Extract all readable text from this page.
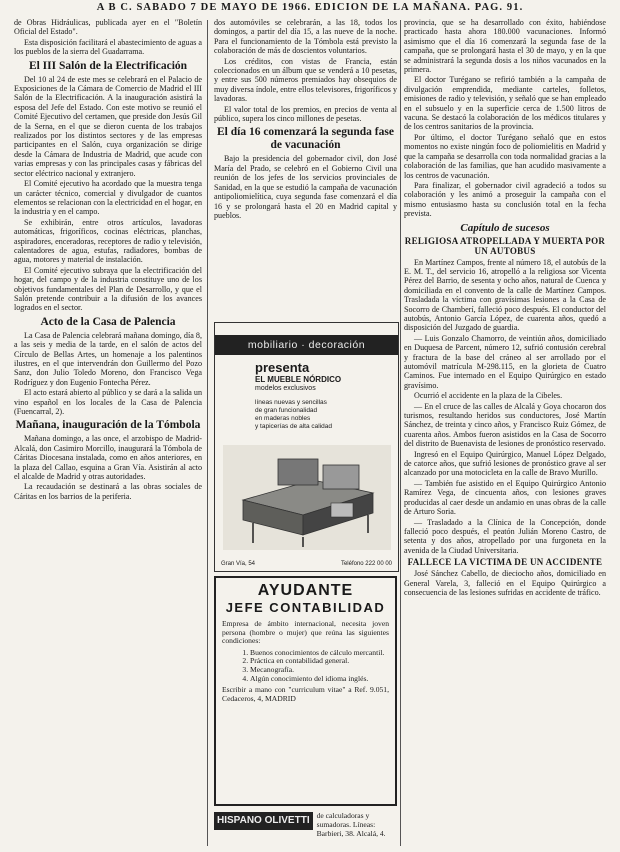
A B C. SABADO 7 DE MAYO DE 1966. EDICION DE LA MAÑANA. PAG. 91.

de Obras Hidráulicas, publicada ayer en el "Boletín Oficial del Estado".

Esta disposición facilitará el abastecimiento de aguas a los pueblos de la sierra del Guadarrama.

El III Salón de la Electrificación

Del 10 al 24 de este mes se celebrará en el Palacio de Exposiciones de la Cámara de Comercio de Madrid el III Salón de la Electrificación. A la inauguración asistirá la esposa del Jefe del Estado. Con este motivo se reunió el Comité Ejecutivo del certamen, que preside don Jesús Gil de la Serna, en el que se dieron cuenta de los trabajos realizados por los distintos sectores y de las empresas participantes en el Salón, cuya organización se dirige desde la Cámara de Industria de Madrid, que acude con varias empresas y con las principales casas y fábricas del sector eléctrico nacional y extranjero.

El Comité ejecutivo ha acordado que la muestra tenga un carácter técnico, comercial y divulgador de cuantos elementos se relacionan con la electricidad en el hogar, en la industria y en el campo.

Se exhibirán, entre otros artículos, lavadoras automáticas, frigoríficos, cocinas eléctricas, planchas, aspiradores, enceradoras, receptores de radio y televisión, calentadores de agua, estufas, radiadores, bombas de agua, motores y material de instalación.

El Comité ejecutivo subraya que la electrificación del hogar, del campo y de la industria constituye uno de los objetivos fundamentales del Plan de Desarrollo, y que el Salón pretende contribuir a la difusión de los avances logrados en el sector.

Acto de la Casa de Palencia

La Casa de Palencia celebrará mañana domingo, día 8, a las seis y media de la tarde, en el salón de actos del Círculo de Bellas Artes, un homenaje a los palentinos ilustres, en el que intervendrán don Guillermo del Pozo Sanz, don Julio Toledo Moreno, don Francisco Vega Rodríguez y don Eugenio Fontecha Pérez.

El acto estará abierto al público y se dará a la salida un vino español en los locales de la Casa de Palencia (Fuencarral, 2).

Mañana, inauguración de la Tómbola

Mañana domingo, a las once, el arzobispo de Madrid-Alcalá, don Casimiro Morcillo, inaugurará la Tómbola de Cáritas Diocesana instalada, como en años anteriores, en la plaza del Callao, esquina a Gran Vía. Asistirán al acto el alcalde de Madrid y otras autoridades.

La recaudación se destinará a las obras sociales de Cáritas en los barrios de la periferia.

dos automóviles se celebrarán, a las 18, todos los domingos, a partir del día 15, a las nueve de la noche. Para el funcionamiento de la Tómbola está previsto la colaboración de más de doscientos voluntarios.

Los créditos, con vistas de Francia, están coleccionados en un álbum que se venderá a 10 pesetas, y entre sus 500 números premiados hay obsequios de muy diversa índole, entre ellos televisores, frigoríficos y lavadoras.

El valor total de los premios, en precios de venta al público, supera los cinco millones de pesetas.

El día 16 comenzará la segunda fase de vacunación

Bajo la presidencia del gobernador civil, don José María del Prado, se celebró en el Gobierno Civil una reunión de los jefes de los servicios provinciales de Sanidad, en la que se estudió la campaña de vacunación antipoliomielítica, cuya segunda fase comenzará el día 16 y se prolongará hasta el 20 en Madrid capital y pueblos.

mobiliario · decoración
presenta
EL MUEBLE NÓRDICO
modelos exclusivos
líneas nuevas y sencillas
de gran funcionalidad
en maderas nobles
y tapicerías de alta calidad
Gran Vía, 54	Teléfono 222 00 00
AYUDANTE
JEFE CONTABILIDAD

Empresa de ámbito internacional, necesita joven persona (hombre o mujer) que reúna las siguientes condiciones:

1. Buenos conocimientos de cálculo mercantil.
2. Práctica en contabilidad general.
3. Mecanografía.
4. Algún conocimiento del idioma inglés.

Escribir a mano con "curriculum vitae" a Ref. 9.051, Cedaceros, 4, MADRID

HISPANO OLIVETTI de calculadoras y sumadoras. Líneas: Barbieri, 38. Alcalá, 4.

provincia, que se ha desarrollado con éxito, habiéndose practicado hasta ahora 180.000 vacunaciones. Informó asimismo que el día 16 comenzará la segunda fase de la campaña, que se prolongará hasta el 30 de mayo, y en la que se administrará la segunda dosis a los niños vacunados en la primera.

El doctor Turégano se refirió también a la campaña de divulgación emprendida, mediante carteles, folletos, emisiones de radio y televisión, y señaló que se han empleado en el subsuelo y en la superficie cerca de 1.500 litros de vacuna. Se destacó la colaboración de los médicos titulares y de los centros sanitarios de la provincia.

Por último, el doctor Turégano señaló que en estos momentos no existe ningún foco de poliomielitis en Madrid y que la campaña se desarrolla con toda normalidad gracias a la colaboración de las familias, que han acudido masivamente a los centros de vacunación.

Para finalizar, el gobernador civil agradeció a todos su colaboración y les animó a proseguir la campaña con el mismo entusiasmo hasta su conclusión total en la fecha prevista.

Capítulo de sucesos
RELIGIOSA ATROPELLADA Y MUERTA POR UN AUTOBUS

En Martínez Campos, frente al número 18, el autobús de la E. M. T., del servicio 16, atropelló a la religiosa sor Vicenta Pérez del Barrio, de sesenta y ocho años, natural de Cuenca y domiciliada en el convento de la calle de Martínez Campos. Trasladada la víctima con gravísimas lesiones a la Casa de Socorro de Chamberí, falleció poco después. El conductor del autobús, Antonio García López, de cuarenta años, quedó a disposición del Juzgado de guardia.

— Luis Gonzalo Chamorro, de veintiún años, domiciliado en Duquesa de Parcent, número 12, sufrió contusión cerebral y fractura de la base del cráneo al ser arrollado por el automóvil matrícula M-298.115, en la glorieta de Cuatro Caminos. Fue internado en el Equipo Quirúrgico en estado gravísimo.

Ocurrió el accidente en la plaza de la Cibeles.

— En el cruce de las calles de Alcalá y Goya chocaron dos turismos, resultando heridos sus conductores, José Martín Sánchez, de treinta y cinco años, y Francisco Ruiz Gómez, de cuarenta años. Ambos fueron asistidos en la Casa de Socorro del distrito de Buenavista de lesiones de pronóstico reservado.

Ingresó en el Equipo Quirúrgico, Manuel López Delgado, de catorce años, que sufrió lesiones de pronóstico grave al ser alcanzado por una motocicleta en la calle de Bravo Murillo.

— También fue asistido en el Equipo Quirúrgico Antonio Ramírez Vega, de cincuenta años, con lesiones graves producidas al caer desde un andamio en unas obras de la calle de Arturo Soria.

— Trasladado a la Clínica de la Concepción, donde falleció poco después, el peatón Julián Moreno Castro, de setenta y dos años, atropellado por una furgoneta en la avenida de la Ciudad Universitaria.

FALLECE LA VICTIMA DE UN ACCIDENTE

José Sánchez Cabello, de dieciocho años, domiciliado en General Varela, 3, falleció en el Equipo Quirúrgico a consecuencia de las lesiones sufridas en accidente de tráfico.
